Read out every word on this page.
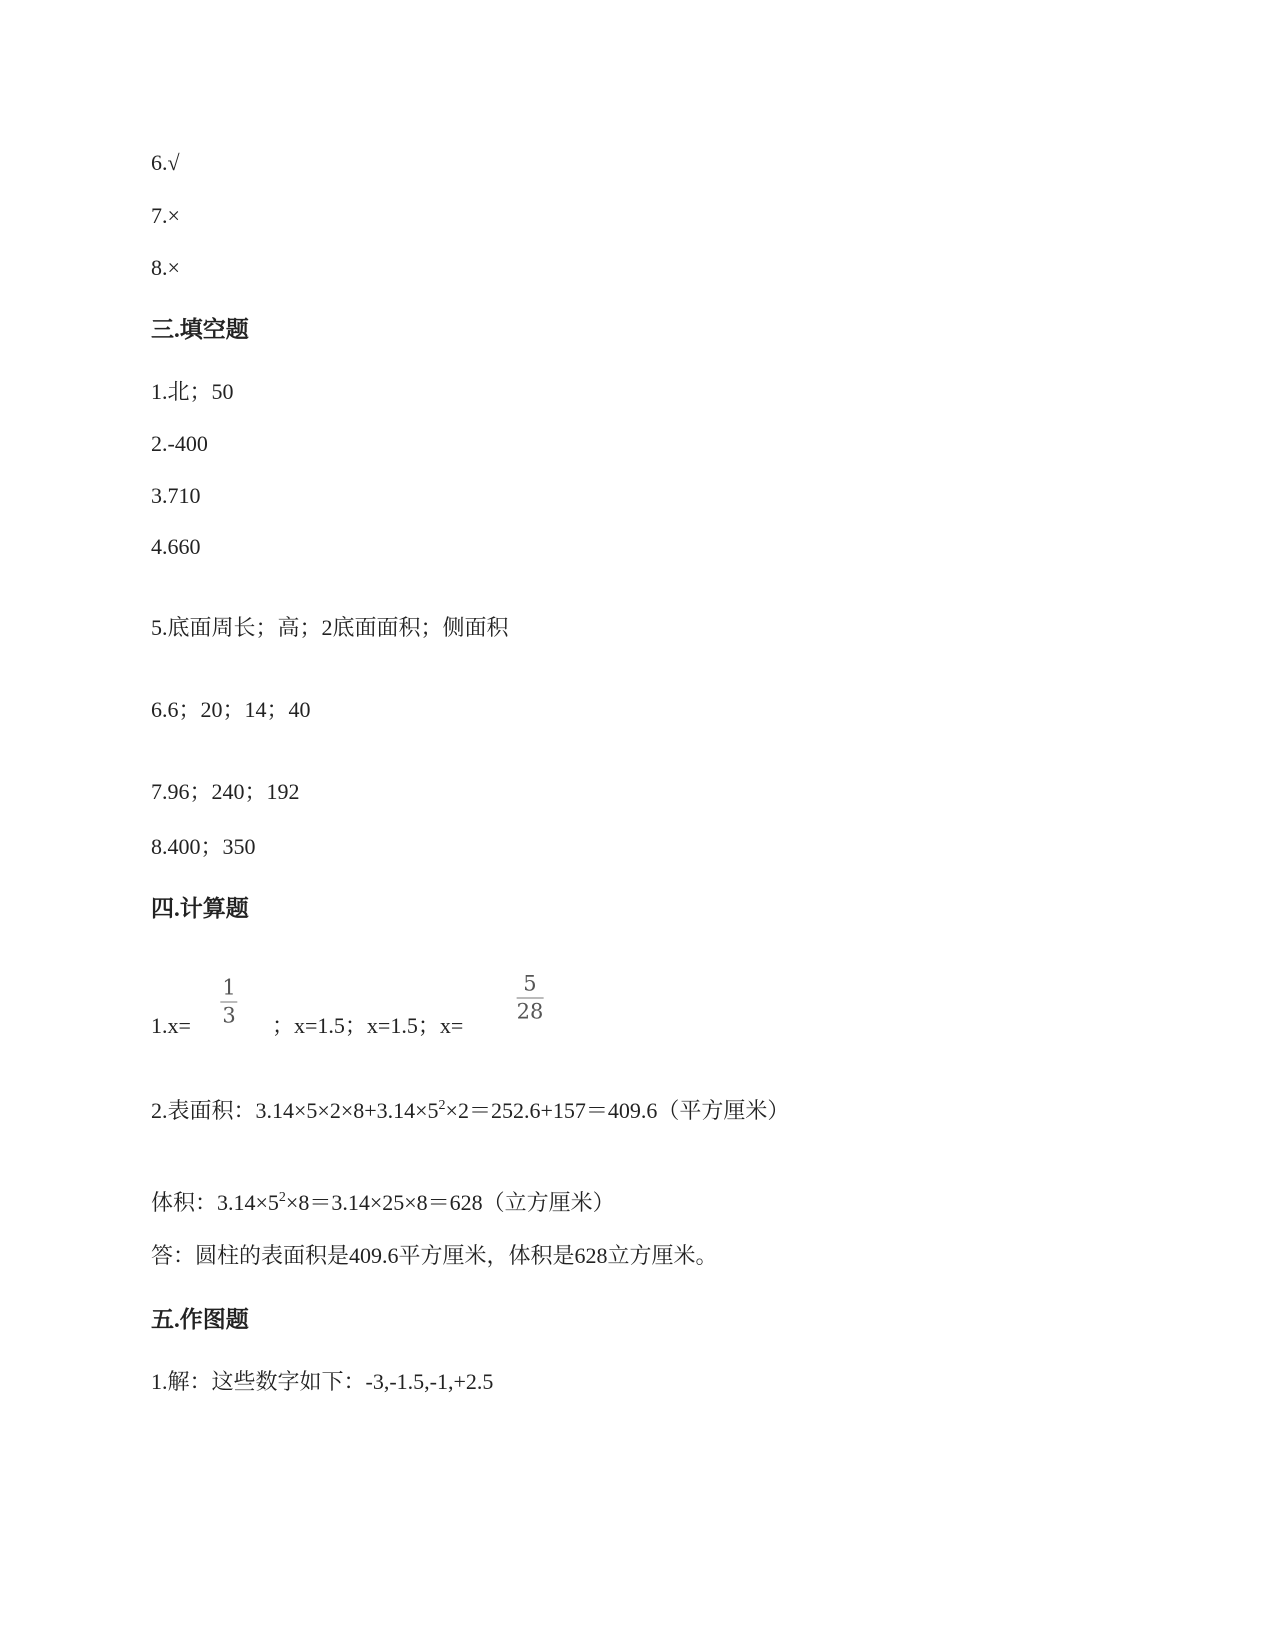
6.√
7.×
8.×
三.填空题
1.北；50
2.-400
3.710
4.660
5.底面周长；高；2底面面积；侧面积
6.6；20；14；40
7.96；240；192
8.400；350
四.计算题
1.x=
1
3 ；x=1.5；x=1.5；x=
5
28
2.表面积：$3.14\times 5\times 2\times 8+3.14\times 5^2\times 2=252.6+157=409.6$（平方厘米）
体积：$3.14\times 5^2\times 8=3.14\times 25\times 8=628$（立方厘米）
答：圆柱的表面积是409.6平方厘米，体积是628立方厘米。
五.作图题
1.解：这些数字如下：-3,-1.5,-1,+2.5
